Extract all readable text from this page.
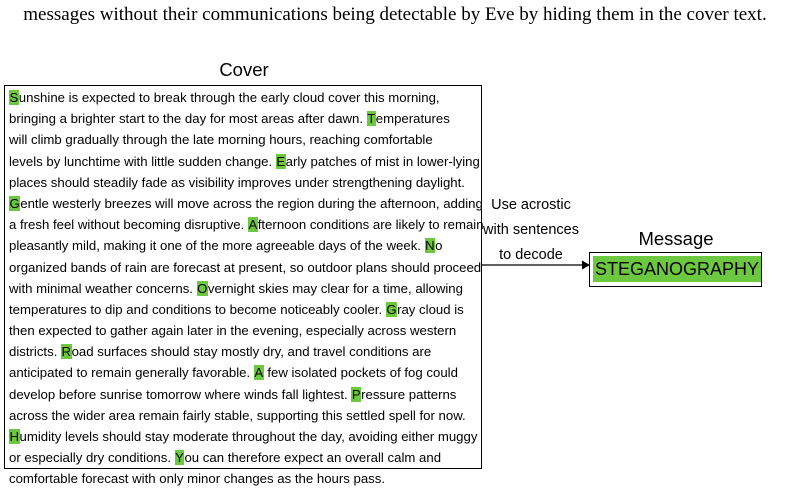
messages without their communications being detectable by Eve by hiding them in the cover text.
Cover
Sunshine is expected to break through the early cloud cover this morning,
bringing a brighter start to the day for most areas after dawn. Temperatures
will climb gradually through the late morning hours, reaching comfortable
levels by lunchtime with little sudden change. Early patches of mist in lower-lying
places should steadily fade as visibility improves under strengthening daylight.
Gentle westerly breezes will move across the region during the afternoon, adding
a fresh feel without becoming disruptive. Afternoon conditions are likely to remain
pleasantly mild, making it one of the more agreeable days of the week. No
organized bands of rain are forecast at present, so outdoor plans should proceed
with minimal weather concerns. Overnight skies may clear for a time, allowing
temperatures to dip and conditions to become noticeably cooler. Gray cloud is
then expected to gather again later in the evening, especially across western
districts. Road surfaces should stay mostly dry, and travel conditions are
anticipated to remain generally favorable. A few isolated pockets of fog could
develop before sunrise tomorrow where winds fall lightest. Pressure patterns
across the wider area remain fairly stable, supporting this settled spell for now.
Humidity levels should stay moderate throughout the day, avoiding either muggy
or especially dry conditions. You can therefore expect an overall calm and
comfortable forecast with only minor changes as the hours pass.
Use acrostic
with sentences
to decode
Message
STEGANOGRAPHY
